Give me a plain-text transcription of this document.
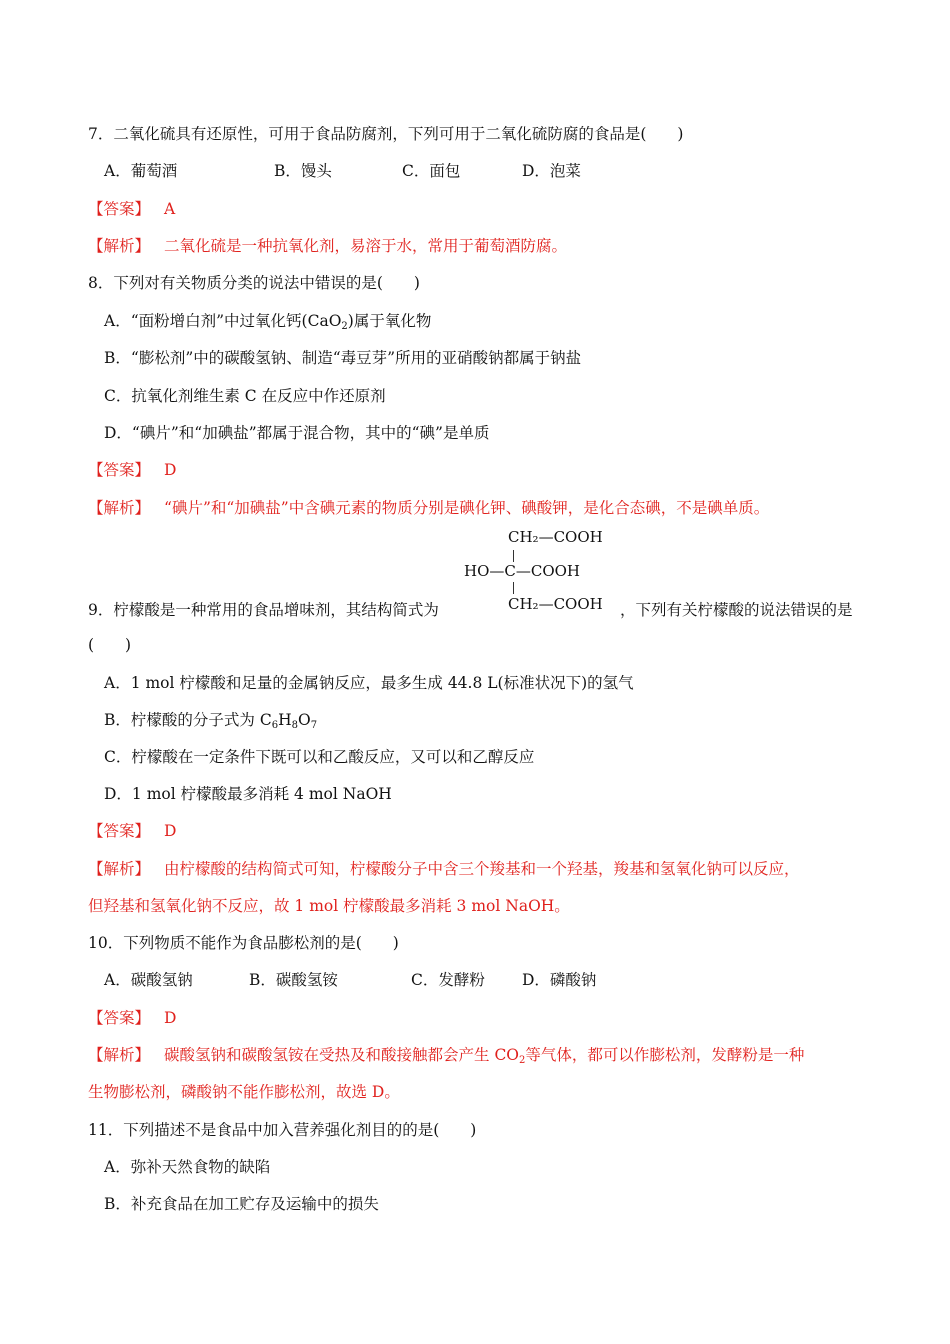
7．二氧化硫具有还原性，可用于食品防腐剂，下列可用于二氧化硫防腐的食品是(　　)
A．葡萄酒	B．馒头	C．面包	D．泡菜
【答案】 A
【解析】 二氧化硫是一种抗氧化剂，易溶于水，常用于葡萄酒防腐。
8．下列对有关物质分类的说法中错误的是(　　)
A．“面粉增白剂”中过氧化钙(CaO$_2$)属于氧化物
B．“膨松剂”中的碳酸氢钠、制造“毒豆芽”所用的亚硝酸钠都属于钠盐
C．抗氧化剂维生素 C 在反应中作还原剂
D．“碘片”和“加碘盐”都属于混合物，其中的“碘”是单质
【答案】 D
【解析】 “碘片”和“加碘盐”中含碘元素的物质分别是碘化钾、碘酸钾，是化合态碘，不是碘单质。
CH₂—COOH
HO—C—COOH
CH₂—COOH
9．柠檬酸是一种常用的食品增味剂，其结构简式为	，下列有关柠檬酸的说法错误的是
(　　)
A．1 mol 柠檬酸和足量的金属钠反应，最多生成 44.8 L(标准状况下)的氢气
B．柠檬酸的分子式为 $C_6H_8O_7$
C．柠檬酸在一定条件下既可以和乙酸反应，又可以和乙醇反应
D．1 mol 柠檬酸最多消耗 4 mol NaOH
【答案】 D
【解析】 由柠檬酸的结构简式可知，柠檬酸分子中含三个羧基和一个羟基，羧基和氢氧化钠可以反应，
但羟基和氢氧化钠不反应，故 1 mol 柠檬酸最多消耗 3 mol NaOH。
10．下列物质不能作为食品膨松剂的是(　　)
A．碳酸氢钠	B．碳酸氢铵	C．发酵粉 D．磷酸钠
【答案】 D
【解析】 碳酸氢钠和碳酸氢铵在受热及和酸接触都会产生 $CO_2$等气体，都可以作膨松剂，发酵粉是一种
生物膨松剂，磷酸钠不能作膨松剂，故选 D。
11．下列描述不是食品中加入营养强化剂目的的是(　　)
A．弥补天然食物的缺陷
B．补充食品在加工贮存及运输中的损失
